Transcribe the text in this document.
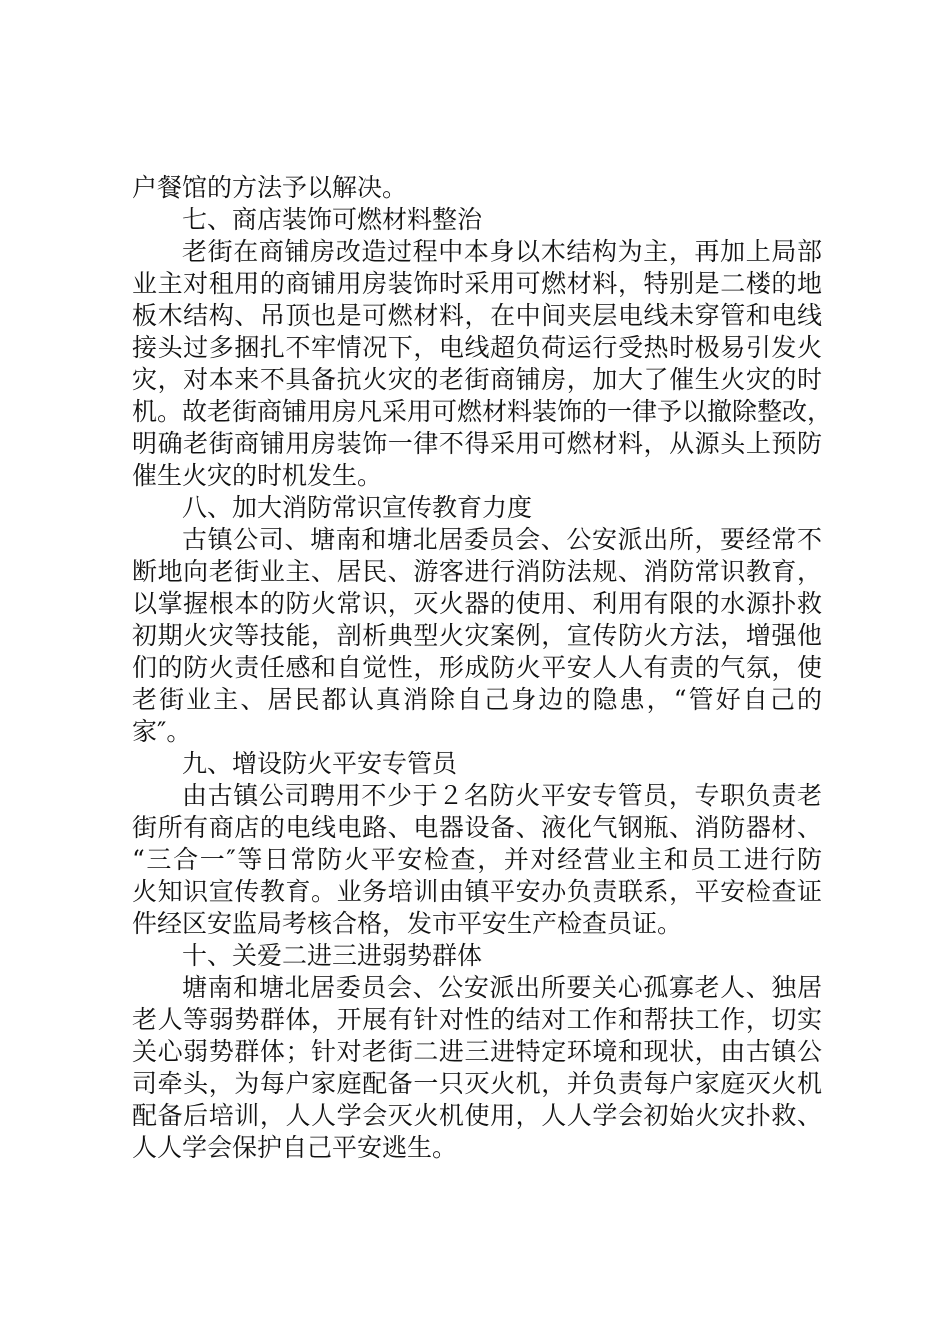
户餐馆的方法予以解决。
七、商店装饰可燃材料整治
老街在商铺房改造过程中本身以木结构为主，再加上局部
业主对租用的商铺用房装饰时采用可燃材料，特别是二楼的地
板木结构、吊顶也是可燃材料，在中间夹层电线未穿管和电线
接头过多捆扎不牢情况下，电线超负荷运行受热时极易引发火
灾，对本来不具备抗火灾的老街商铺房，加大了催生火灾的时
机。故老街商铺用房凡采用可燃材料装饰的一律予以撤除整改，
明确老街商铺用房装饰一律不得采用可燃材料，从源头上预防
催生火灾的时机发生。
八、加大消防常识宣传教育力度
古镇公司、塘南和塘北居委员会、公安派出所，要经常不
断地向老街业主、居民、游客进行消防法规、消防常识教育，
以掌握根本的防火常识，灭火器的使用、利用有限的水源扑救
初期火灾等技能，剖析典型火灾案例，宣传防火方法，增强他
们的防火责任感和自觉性，形成防火平安人人有责的气氛，使
老街业主、居民都认真消除自己身边的隐患，“管好自己的
家″。
九、增设防火平安专管员
由古镇公司聘用不少于２名防火平安专管员，专职负责老
街所有商店的电线电路、电器设备、液化气钢瓶、消防器材、
“三合一″等日常防火平安检查，并对经营业主和员工进行防
火知识宣传教育。业务培训由镇平安办负责联系，平安检查证
件经区安监局考核合格，发市平安生产检查员证。
十、关爱二进三进弱势群体
塘南和塘北居委员会、公安派出所要关心孤寡老人、独居
老人等弱势群体，开展有针对性的结对工作和帮扶工作，切实
关心弱势群体；针对老街二进三进特定环境和现状，由古镇公
司牵头，为每户家庭配备一只灭火机，并负责每户家庭灭火机
配备后培训，人人学会灭火机使用，人人学会初始火灾扑救、
人人学会保护自己平安逃生。
